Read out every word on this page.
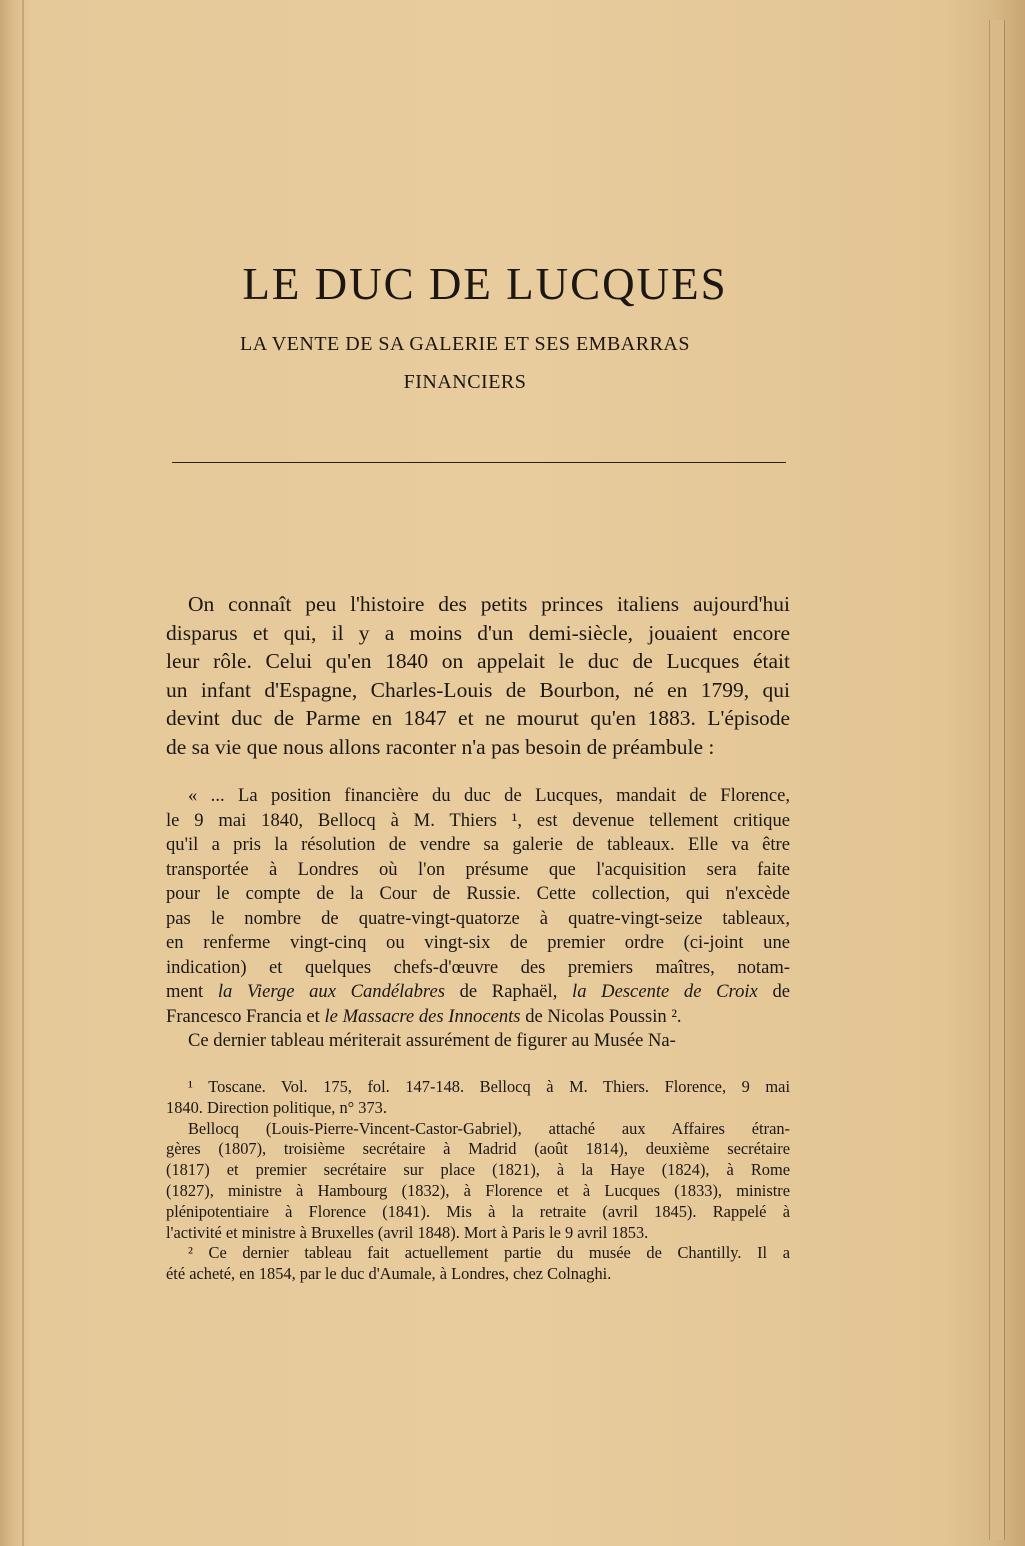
LE DUC DE LUCQUES
LA VENTE DE SA GALERIE ET SES EMBARRAS
FINANCIERS
On connaît peu l'histoire des petits princes italiens aujourd'hui
disparus et qui, il y a moins d'un demi-siècle, jouaient encore
leur rôle. Celui qu'en 1840 on appelait le duc de Lucques était
un infant d'Espagne, Charles-Louis de Bourbon, né en 1799, qui
devint duc de Parme en 1847 et ne mourut qu'en 1883. L'épisode
de sa vie que nous allons raconter n'a pas besoin de préambule :
« ... La position financière du duc de Lucques, mandait de Florence,
le 9 mai 1840, Bellocq à M. Thiers ¹, est devenue tellement critique
qu'il a pris la résolution de vendre sa galerie de tableaux. Elle va être
transportée à Londres où l'on présume que l'acquisition sera faite
pour le compte de la Cour de Russie. Cette collection, qui n'excède
pas le nombre de quatre-vingt-quatorze à quatre-vingt-seize tableaux,
en renferme vingt-cinq ou vingt-six de premier ordre (ci-joint une
indication) et quelques chefs-d'œuvre des premiers maîtres, notam-
ment la Vierge aux Candélabres de Raphaël, la Descente de Croix de
Francesco Francia et le Massacre des Innocents de Nicolas Poussin ².
Ce dernier tableau mériterait assurément de figurer au Musée Na-
¹ Toscane. Vol. 175, fol. 147-148. Bellocq à M. Thiers. Florence, 9 mai
1840. Direction politique, n° 373.
Bellocq (Louis-Pierre-Vincent-Castor-Gabriel), attaché aux Affaires étran-
gères (1807), troisième secrétaire à Madrid (août 1814), deuxième secrétaire
(1817) et premier secrétaire sur place (1821), à la Haye (1824), à Rome
(1827), ministre à Hambourg (1832), à Florence et à Lucques (1833), ministre
plénipotentiaire à Florence (1841). Mis à la retraite (avril 1845). Rappelé à
l'activité et ministre à Bruxelles (avril 1848). Mort à Paris le 9 avril 1853.
² Ce dernier tableau fait actuellement partie du musée de Chantilly. Il a
été acheté, en 1854, par le duc d'Aumale, à Londres, chez Colnaghi.
